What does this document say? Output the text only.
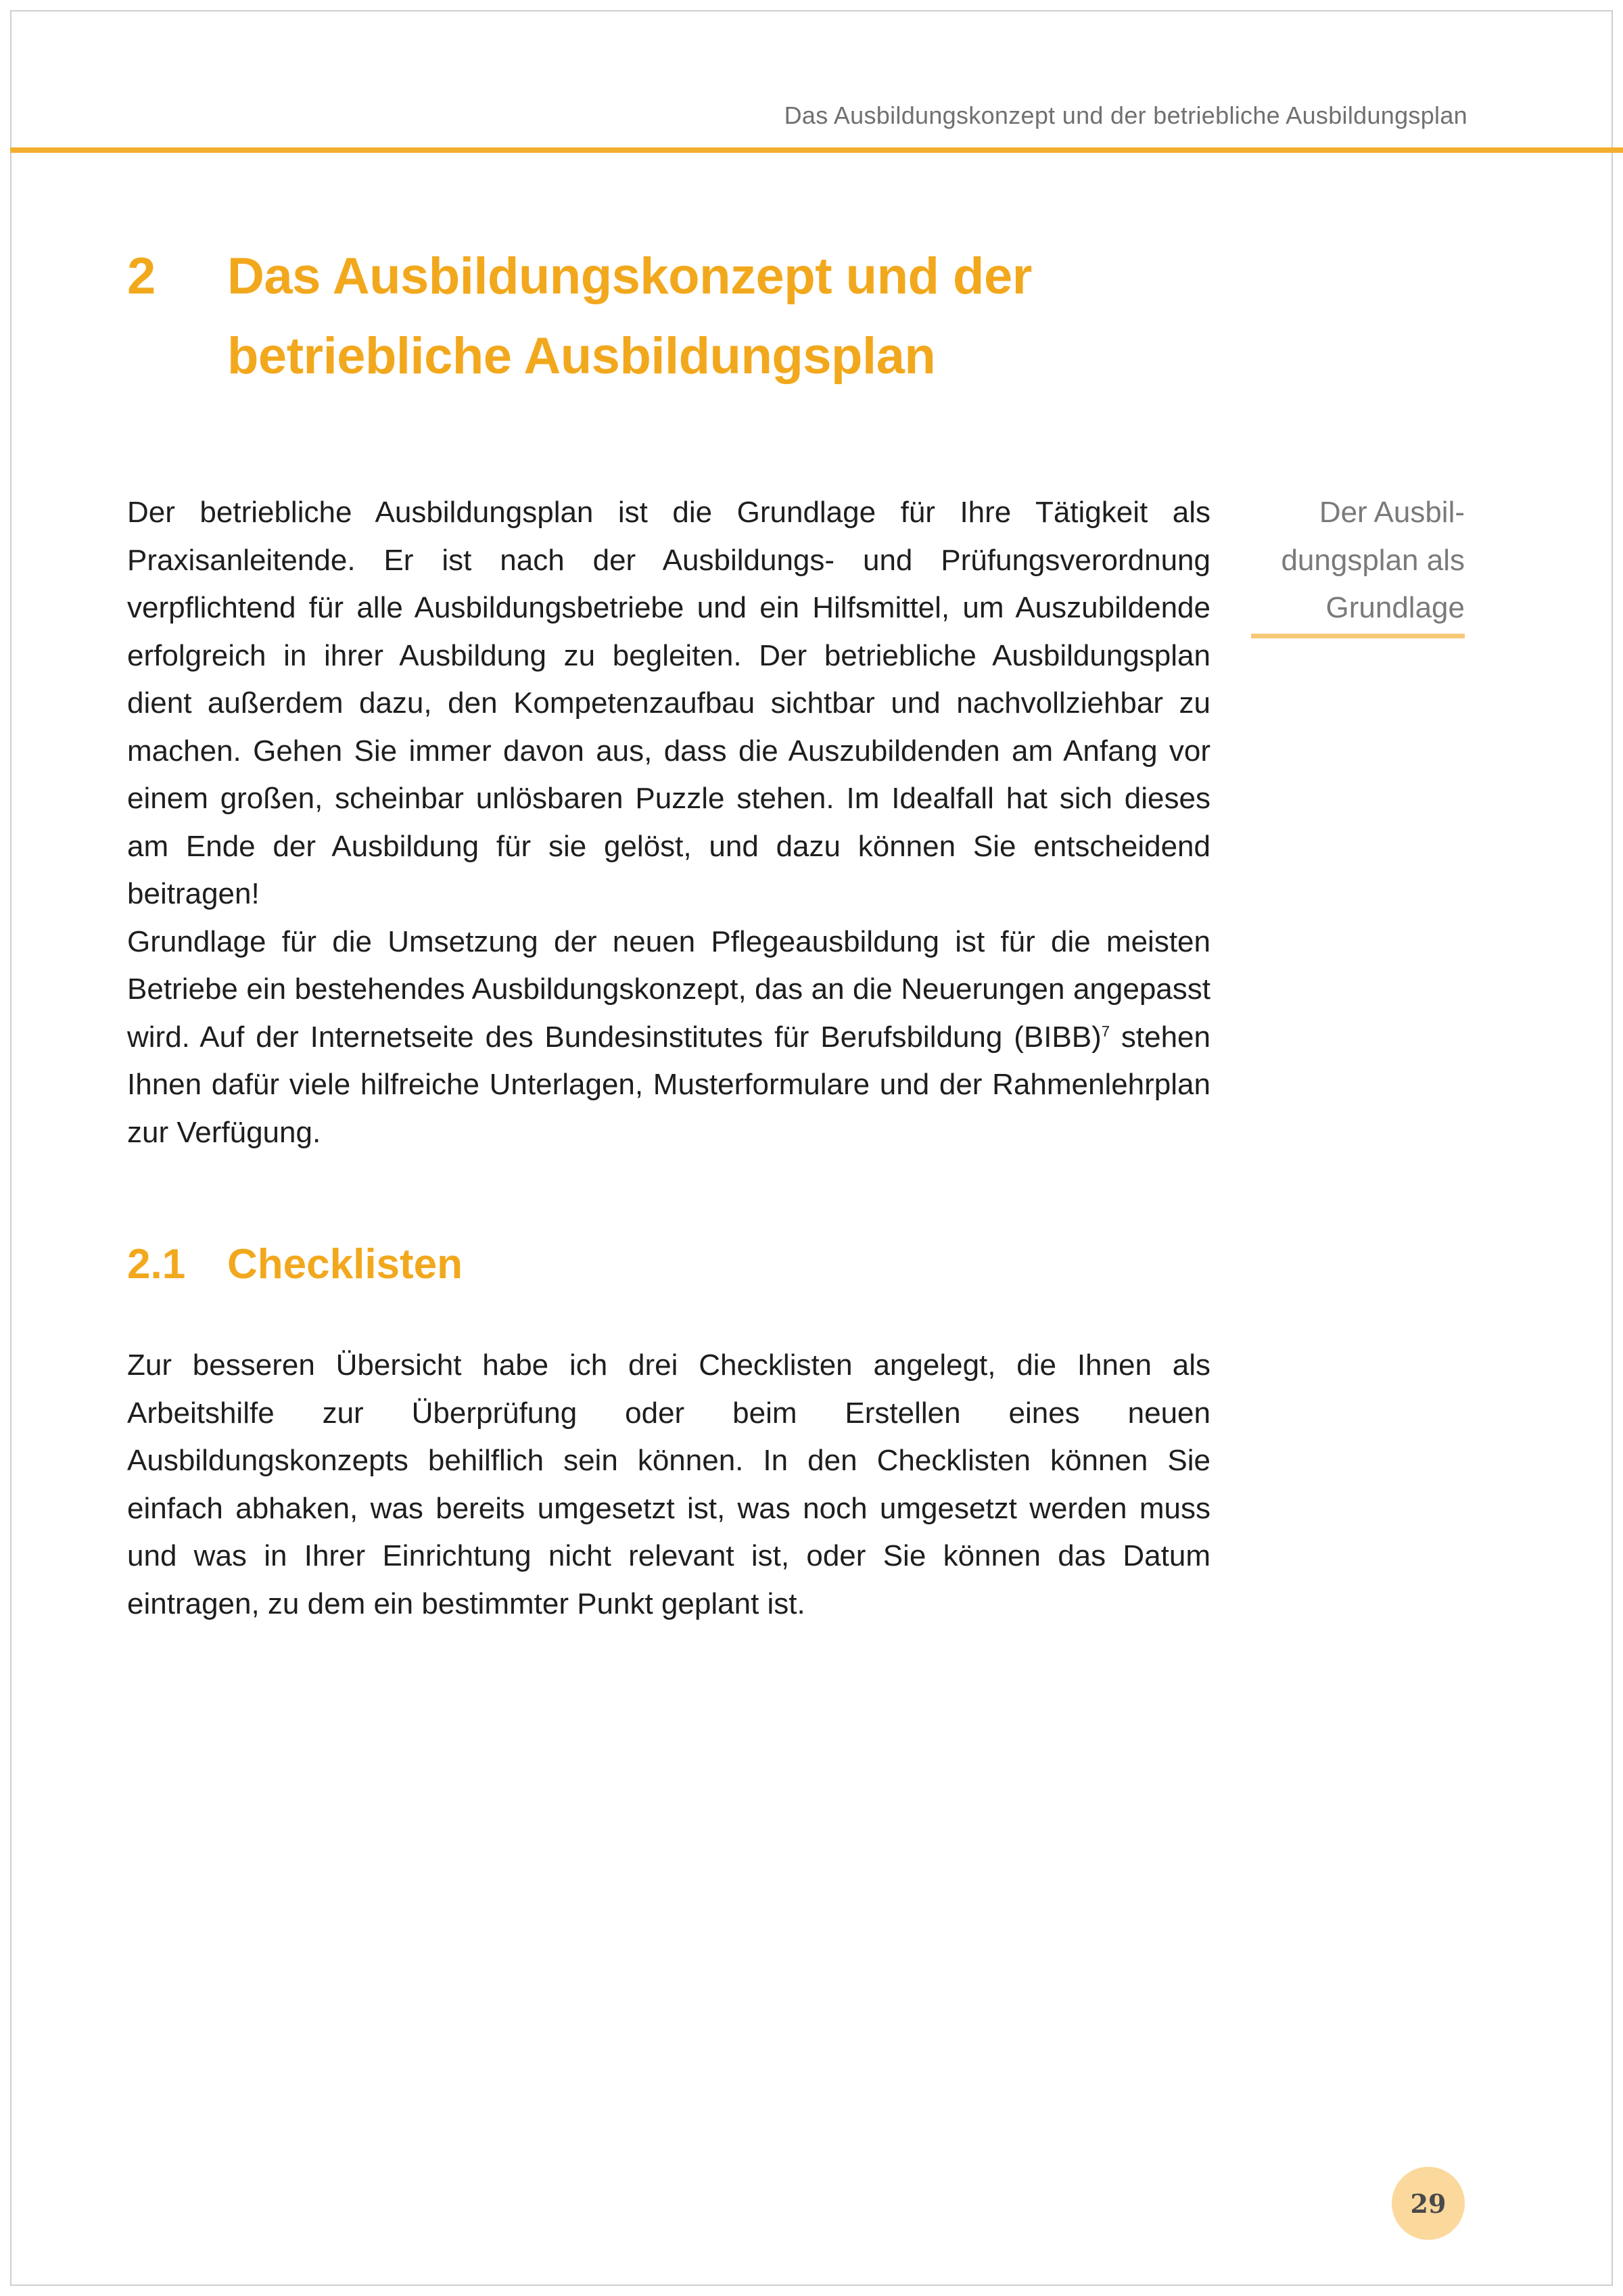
Das Ausbildungskonzept und der betriebliche Ausbildungsplan
2 Das Ausbildungskonzept und der
betriebliche Ausbildungsplan

Der betriebliche Ausbildungsplan ist die Grundlage für Ihre Tätigkeit als Praxisanleitende. Er ist nach der Ausbildungs- und Prüfungsverordnung verpflichtend für alle Ausbildungsbetriebe und ein Hilfsmittel, um Auszubildende erfolgreich in ihrer Ausbildung zu begleiten. Der betriebliche Ausbildungsplan dient außerdem dazu, den Kompetenzaufbau sichtbar und nachvollziehbar zu machen. Gehen Sie immer davon aus, dass die Auszubildenden am Anfang vor einem großen, scheinbar unlösbaren Puzzle stehen. Im Idealfall hat sich dieses am Ende der Ausbildung für sie gelöst, und dazu können Sie entscheidend beitragen!

Grundlage für die Umsetzung der neuen Pflegeausbildung ist für die meisten Betriebe ein bestehendes Ausbildungskonzept, das an die Neuerungen angepasst wird. Auf der Internetseite des Bundesinstitutes für Berufsbildung (BIBB)$^7$ stehen Ihnen dafür viele hilfreiche Unterlagen, Musterformulare und der Rahmenlehrplan zur Verfügung.

Der Ausbil-
dungsplan als
Grundlage
2.1 Checklisten

Zur besseren Übersicht habe ich drei Checklisten angelegt, die Ihnen als Arbeitshilfe zur Überprüfung oder beim Erstellen eines neuen Ausbildungskonzepts behilflich sein können. In den Checklisten können Sie einfach abhaken, was bereits umgesetzt ist, was noch umgesetzt werden muss und was in Ihrer Einrichtung nicht relevant ist, oder Sie können das Datum eintragen, zu dem ein bestimmter Punkt geplant ist.

29
